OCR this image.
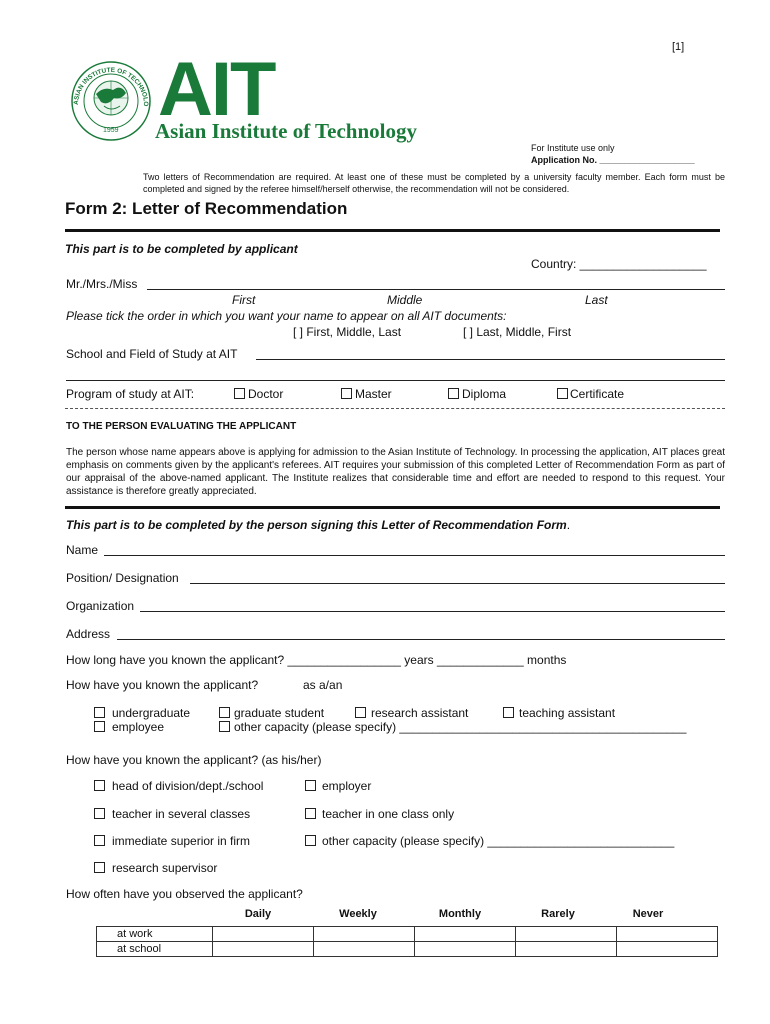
[1]
ASIAN INSTITUTE OF TECHNOLO
1959 AIT
Asian Institute of Technology
For Institute use only
Application No. ___________________
Two letters of Recommendation are required. At least one of these must be completed by a university faculty member. Each form must be completed and signed by the referee himself/herself otherwise, the recommendation will not be considered.
Form 2: Letter of Recommendation
This part is to be completed by applicant
Country: ___________________
Mr./Mrs./Miss
First	Middle	Last
Please tick the order in which you want your name to appear on all AIT documents:
[ ] First, Middle, Last	[ ] Last, Middle, First
School and Field of Study at AIT
Program of study at AIT:	Doctor	Master	Diploma	Certificate
TO THE PERSON EVALUATING THE APPLICANT
The person whose name appears above is applying for admission to the Asian Institute of Technology. In processing the application, AIT places great emphasis on comments given by the applicant's referees. AIT requires your submission of this completed Letter of Recommendation Form as part of our appraisal of the above-named applicant. The Institute realizes that considerable time and effort are needed to respond to this request. Your assistance is therefore greatly appreciated.
This part is to be completed by the person signing this Letter of Recommendation Form.
Name
Position/ Designation
Organization
Address
How long have you known the applicant? _________________ years _____________ months
How have you known the applicant?	as a/an
undergraduate	graduate student	research assistant	teaching assistant
employee	other capacity (please specify) ___________________________________________
How have you known the applicant? (as his/her)
head of division/dept./school	employer
teacher in several classes	teacher in one class only
immediate superior in firm	other capacity (please specify) ____________________________
research supervisor
How often have you observed the applicant?
Daily	Weekly	Monthly	Rarely	Never
at work					
at school					
